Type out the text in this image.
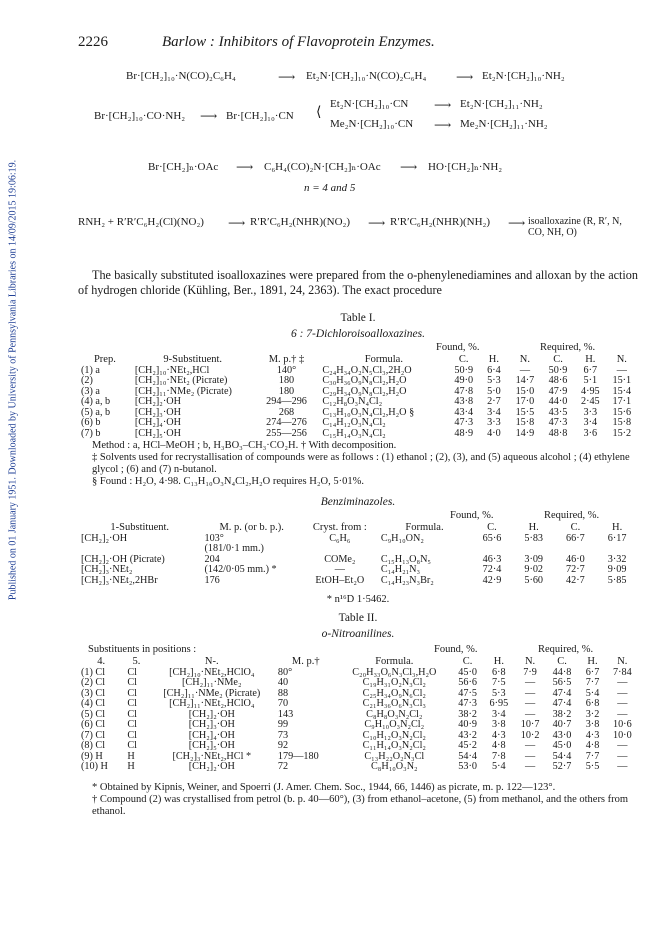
Published on 01 January 1951. Downloaded by University of Pennsylvania Libraries on 14/09/2015 19:06:19.
2226	Barlow : Inhibitors of Flavoprotein Enzymes.
Br·[CH₂]₁₀·N(CO)₂C₆H₄	⟶ Et₂N·[CH₂]₁₀·N(CO)₂C₆H₄ ⟶ Et₂N·[CH₂]₁₀·NH₂
Br·[CH₂]₁₀·CO·NH₂ ⟶ Br·[CH₂]₁₀·CN ⟨
Et₂N·[CH₂]₁₀·CN ⟶ Et₂N·[CH₂]₁₁·NH₂
Me₂N·[CH₂]₁₀·CN ⟶ Me₂N·[CH₂]₁₁·NH₂
Br·[CH₂]ₙ·OAc ⟶ C₆H₄(CO)₂N·[CH₂]ₙ·OAc ⟶ HO·[CH₂]ₙ·NH₂
n = 4 and 5
RNH₂ + R′R′C₆H₂(Cl)(NO₂) ⟶ R′R′C₆H₂(NHR)(NO₂) ⟶ R′R′C₆H₂(NHR)(NH₂) ⟶ isoalloxazine (R, R′, N, CO, NH, O)
The basically substituted isoalloxazines were prepared from the o-phenylenediamines and alloxan by the action of hydrogen chloride (Kühling, Ber., 1891, 24, 2363). The exact procedure
Table I.
6 : 7-Dichloroisoalloxazines.
Found, %.	Required, %.
Prep.	9-Substituent.	M. p.† ‡	Formula.	C.	H.	N.	C.	H.	N.
(1) a	[CH₂]₁₀·NEt₂,HCl	140°	C₂₄H₃₄O₂N₅Cl₃,2H₂O	50·9	6·4	—	50·9	6·7	—
(2)	[CH₂]₁₀·NEt₂ (Picrate)	180	C₃₀H₃₆O₉N₈Cl₂,H₂O	49·0	5·3	14·7	48·6	5·1	15·1
(3) a	[CH₂]₁₁·NMe₂ (Picrate)	180	C₂₉H₃₄O₉N₈Cl₂,H₂O	47·8	5·0	15·0	47·9	4·95	15·4
(4) a, b	[CH₂]₂·OH	294—296	C₁₂H₈O₃N₄Cl₂	43·8	2·7	17·0	44·0	2·45	17·1
(5) a, b	[CH₂]₃·OH	268	C₁₃H₁₀O₃N₄Cl₂,H₂O §	43·4	3·4	15·5	43·5	3·3	15·6
(6) b	[CH₂]₄·OH	274—276	C₁₄H₁₂O₃N₄Cl₂	47·3	3·3	15·8	47·3	3·4	15·8
(7) b	[CH₂]₅·OH	255—256	C₁₅H₁₄O₃N₄Cl₂	48·9	4·0	14·9	48·8	3·6	15·2
Method : a, HCl–MeOH ; b, H₃BO₃–CH₃·CO₂H. † With decomposition.
‡ Solvents used for recrystallisation of compounds were as follows : (1) ethanol ; (2), (3), and (5) aqueous alcohol ; (4) ethylene glycol ; (6) and (7) n-butanol.
§ Found : H₂O, 4·98. C₁₃H₁₀O₃N₄Cl₂,H₂O requires H₂O, 5·01%.
Benziminazoles.
Found, %.	Required, %.
1-Substituent.	M. p. (or b. p.).	Cryst. from :	Formula.	C.	H.	C.	H.
[CH₂]₂·OH	103°	C₆H₆	C₉H₁₀ON₂	65·6	5·83	66·7	6·17
	(181/0·1 mm.)						
[CH₂]₂·OH (Picrate)	204	COMe₂	C₁₅H₁₃O₈N₅	46·3	3·09	46·0	3·32
[CH₂]₃·NEt₂	(142/0·05 mm.) *	—	C₁₄H₂₁N₃	72·4	9·02	72·7	9·09
[CH₂]₃·NEt₂,2HBr	176	EtOH–Et₂O	C₁₄H₂₃N₃Br₂	42·9	5·60	42·7	5·85
* n¹⁶D 1·5462.
Table II.
o-Nitroanilines.
Substituents in positions :	Found, %.	Required, %.
4.	5.	N-.	M. p.†	Formula.	C.	H.	N.	C.	H.	N.
(1) Cl	Cl	[CH₂]₁₀·NEt₂,HClO₄	80°	C₂₀H₃₃O₆N₃Cl₃,H₂O	45·0	6·8	7·9	44·8	6·7	7·84
(2) Cl	Cl	[CH₂]₁₁·NMe₂	40	C₁₉H₃₁O₂N₃Cl₂	56·6	7·5	—	56·5	7·7	—
(3) Cl	Cl	[CH₂]₁₁·NMe₂ (Picrate)	88	C₂₅H₃₄O₉N₆Cl₂	47·5	5·3	—	47·4	5·4	—
(4) Cl	Cl	[CH₂]₁₁·NEt₂,HClO₄	70	C₂₁H₃₆O₆N₃Cl₃	47·3	6·95	—	47·4	6·8	—
(5) Cl	Cl	[CH₂]₂·OH	143	C₈H₈O₃N₂Cl₂	38·2	3·4	—	38·2	3·2	—
(6) Cl	Cl	[CH₂]₃·OH	99	C₉H₁₀O₃N₂Cl₂	40·9	3·8	10·7	40·7	3·8	10·6
(7) Cl	Cl	[CH₂]₄·OH	73	C₁₀H₁₂O₃N₂Cl₂	43·2	4·3	10·2	43·0	4·3	10·0
(8) Cl	Cl	[CH₂]₅·OH	92	C₁₁H₁₄O₃N₂Cl₂	45·2	4·8	—	45·0	4·8	—
(9) H	H	[CH₂]₃·NEt₂,HCl *	179—180	C₁₃H₂₂O₂N₃Cl	54·4	7·8	—	54·4	7·7	—
(10) H	H	[CH₂]₂·OH	72	C₈H₁₀O₃N₂	53·0	5·4	—	52·7	5·5	—
* Obtained by Kipnis, Weiner, and Spoerri (J. Amer. Chem. Soc., 1944, 66, 1446) as picrate, m. p. 122—123°.
† Compound (2) was crystallised from petrol (b. p. 40—60°), (3) from ethanol–acetone, (5) from methanol, and the others from ethanol.
